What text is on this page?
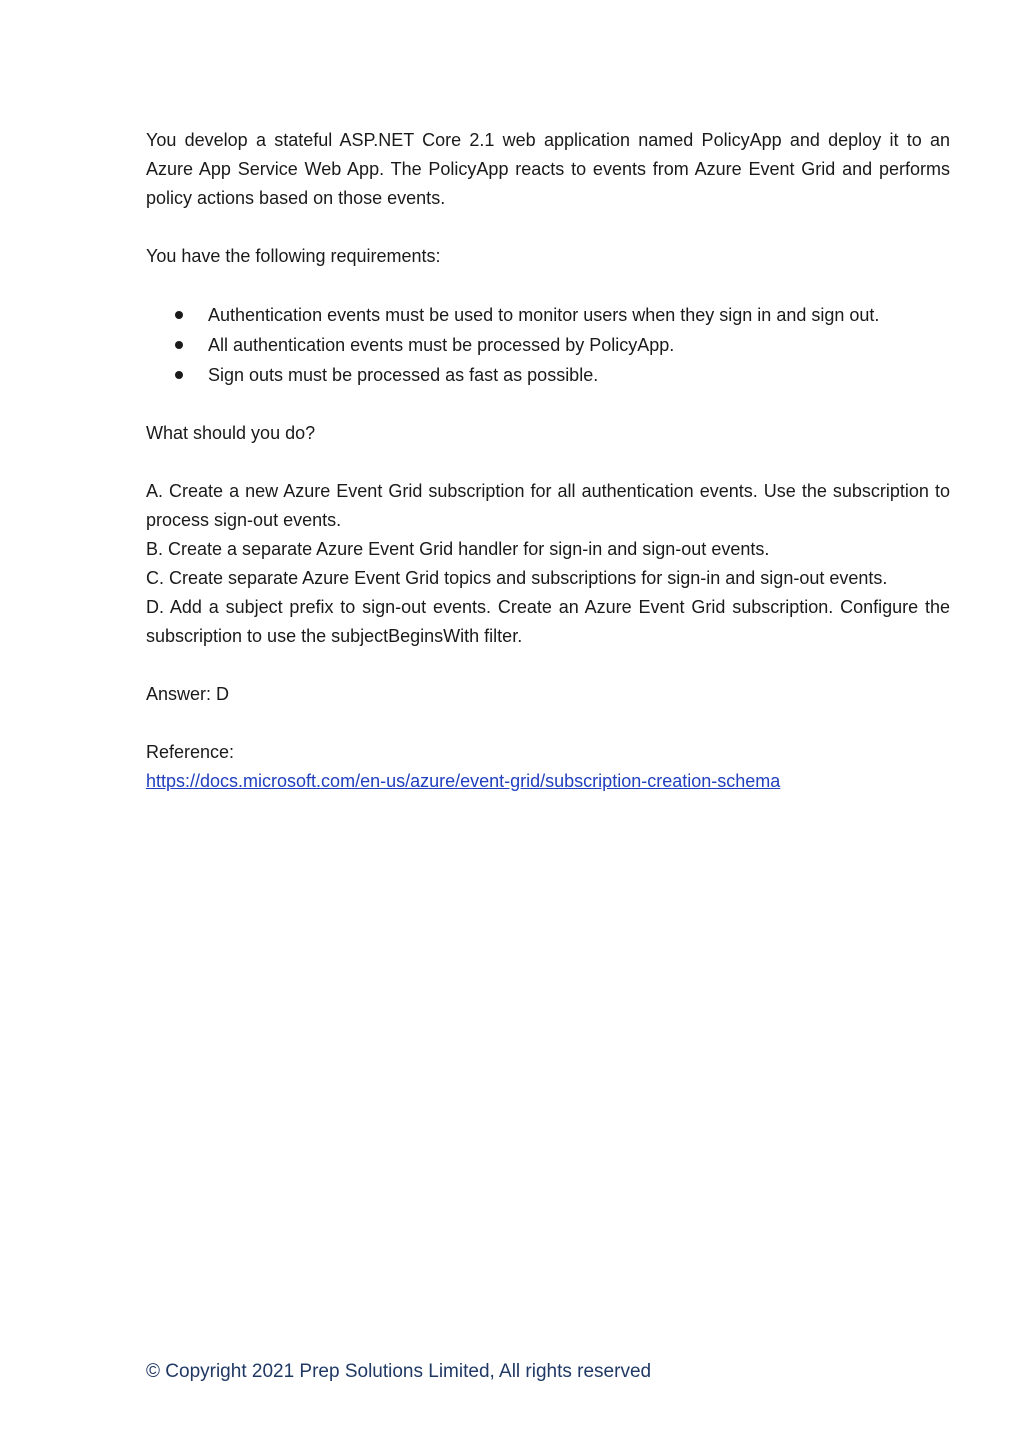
You develop a stateful ASP.NET Core 2.1 web application named PolicyApp and deploy it to an Azure App Service Web App. The PolicyApp reacts to events from Azure Event Grid and performs policy actions based on those events.

You have the following requirements:

Authentication events must be used to monitor users when they sign in and sign out.
All authentication events must be processed by PolicyApp.
Sign outs must be processed as fast as possible.

What should you do?

A. Create a new Azure Event Grid subscription for all authentication events. Use the subscription to process sign-out events.

B. Create a separate Azure Event Grid handler for sign-in and sign-out events.

C. Create separate Azure Event Grid topics and subscriptions for sign-in and sign-out events.

D. Add a subject prefix to sign-out events. Create an Azure Event Grid subscription. Configure the subscription to use the subjectBeginsWith filter.

Answer: D

Reference:

https://docs.microsoft.com/en-us/azure/event-grid/subscription-creation-schema

© Copyright 2021 Prep Solutions Limited, All rights reserved
